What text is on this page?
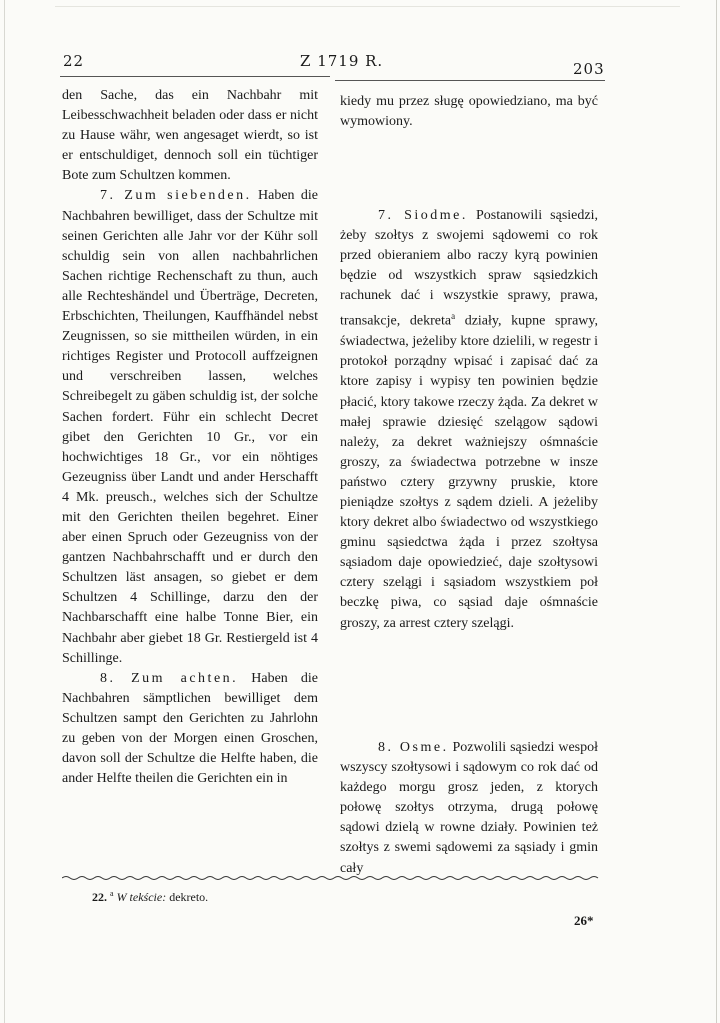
22	Z 1719 R.	203

den Sache, das ein Nachbahr mit Leibesschwachheit beladen oder dass er nicht zu Hause währ, wen angesaget wierdt, so ist er entschuldiget, dennoch soll ein tüchtiger Bote zum Schultzen kommen.

7. Zum siebenden. Haben die Nachbahren bewilliget, dass der Schultze mit seinen Gerichten alle Jahr vor der Kühr soll schuldig sein von allen nachbahrlichen Sachen richtige Rechenschaft zu thun, auch alle Rechteshändel und Überträge, Decreten, Erbschichten, Theilungen, Kauffhändel nebst Zeugnissen, so sie mittheilen würden, in ein richtiges Register und Protocoll auffzeignen und verschreiben lassen, welches Schreibegelt zu gäben schuldig ist, der solche Sachen fordert. Führ ein schlecht Decret gibet den Gerichten 10 Gr., vor ein hochwichtiges 18 Gr., vor ein nöhtiges Gezeugniss über Landt und ander Herschafft 4 Mk. preusch., welches sich der Schultze mit den Gerichten theilen begehret. Einer aber einen Spruch oder Gezeugniss von der gantzen Nachbahrschafft und er durch den Schultzen läst ansagen, so giebet er dem Schultzen 4 Schillinge, darzu den der Nachbarschafft eine halbe Tonne Bier, ein Nachbahr aber giebet 18 Gr. Restiergeld ist 4 Schillinge.

8. Zum achten. Haben die Nachbahren sämptlichen bewilliget dem Schultzen sampt den Gerichten zu Jahrlohn zu geben von der Morgen einen Groschen, davon soll der Schultze die Helfte haben, die ander Helfte theilen die Gerichten ein in

kiedy mu przez sługę opowiedziano, ma być wymowiony.

7. Siodme. Postanowili sąsiedzi, żeby szołtys z swojemi sądowemi co rok przed obieraniem albo raczy kyrą powinien będzie od wszystkich spraw sąsiedzkich rachunek dać i wszystkie sprawy, prawa, transakcje, dekreta$^a$ działy, kupne sprawy, świadectwa, jeżeliby ktore dzielili, w regestr i protokoł porządny wpisać i zapisać dać za ktore zapisy i wypisy ten powinien będzie płacić, ktory takowe rzeczy żąda. Za dekret w małej sprawie dziesięć szelągow sądowi należy, za dekret ważniejszy ośmnaście groszy, za świadectwa potrzebne w insze państwo cztery grzywny pruskie, ktore pieniądze szołtys z sądem dzieli. A jeżeliby ktory dekret albo świadectwo od wszystkiego gminu sąsiedctwa żąda i przez szołtysa sąsiadom daje opowiedzieć, daje szołtysowi cztery szelągi i sąsiadom wszystkiem poł beczkę piwa, co sąsiad daje ośmnaście groszy, za arrest cztery szelągi.

8. Osme. Pozwolili sąsiedzi wespoł wszyscy szołtysowi i sądowym co rok dać od każdego morgu grosz jeden, z ktorych połowę szołtys otrzyma, drugą połowę sądowi dzielą w rowne działy. Powinien też szołtys z swemi sądowemi za sąsiady i gmin cały

22. $^a$ W tekście: dekreto.
26*
